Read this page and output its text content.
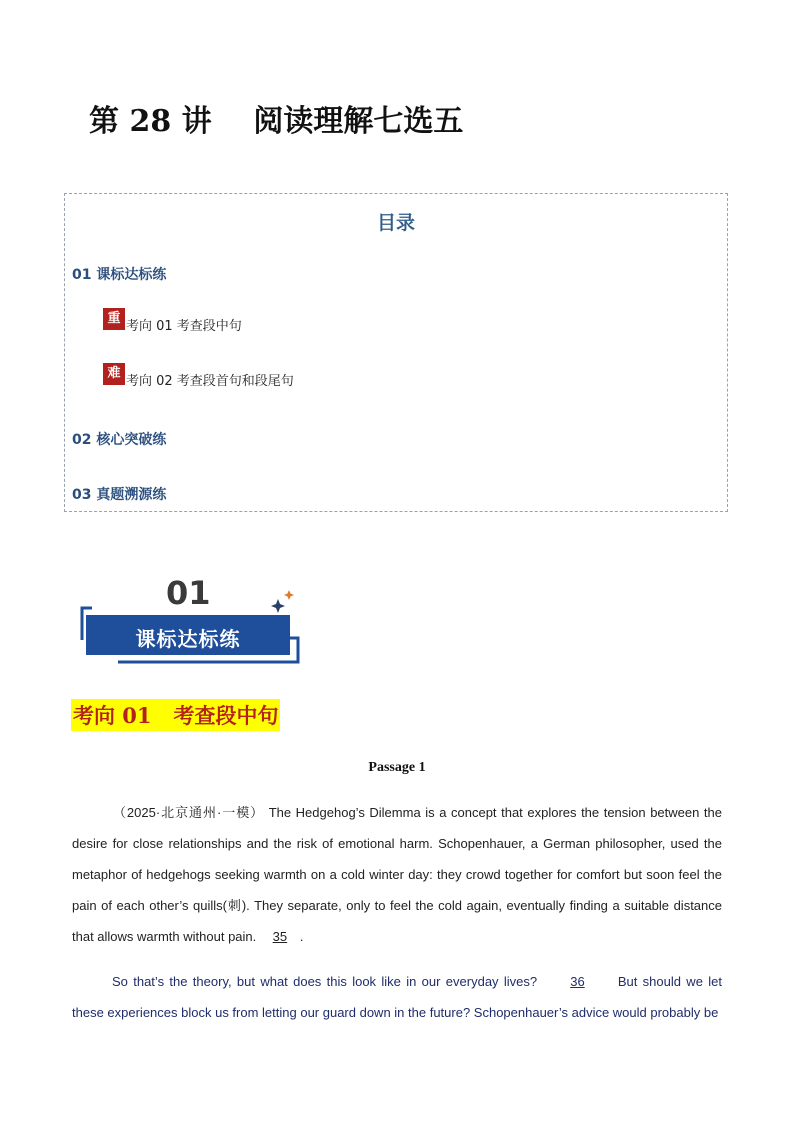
第 28 讲    阅读理解七选五
目录
01 课标达标练
重
考向 01 考查段中句
难
考向 02 考查段首句和段尾句
02 核心突破练
03 真题溯源练
01
课标达标练
考向 01   考查段中句
Passage 1
（2025·北京通州·一模） The Hedgehog’s Dilemma is a concept that explores the tension between the desire for close relationships and the risk of emotional harm. Schopenhauer, a German philosopher, used the metaphor of hedgehogs seeking warmth on a cold winter day: they crowd together for comfort but soon feel the pain of each other’s quills(刺). They separate, only to feel the cold again, eventually finding a suitable distance that allows warmth without pain. 35 .
So that’s the theory, but what does this look like in our everyday lives?	36	But should we let these experiences block us from letting our guard down in the future? Schopenhauer’s advice would probably be
